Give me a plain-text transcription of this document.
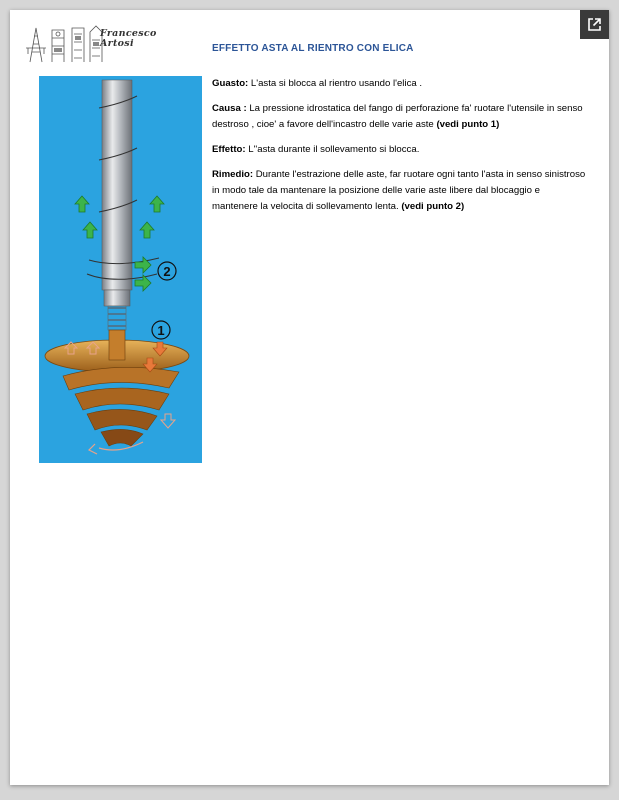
Francesco
Artosi	EFFETTO ASTA AL RIENTRO CON ELICA
2
1

Guasto: L'asta si blocca al rientro usando l'elica .

Causa : La pressione idrostatica del fango di perforazione fa' ruotare l'utensile in senso destroso , cioe' a favore dell'incastro delle varie aste (vedi punto 1)

Effetto: L''asta durante il sollevamento si blocca.

Rimedio: Durante l'estrazione delle aste, far ruotare ogni tanto l'asta in senso sinistroso in modo tale da mantenare la posizione delle varie aste libere dal blocaggio e mantenere la velocita di sollevamento lenta. (vedi punto 2)
